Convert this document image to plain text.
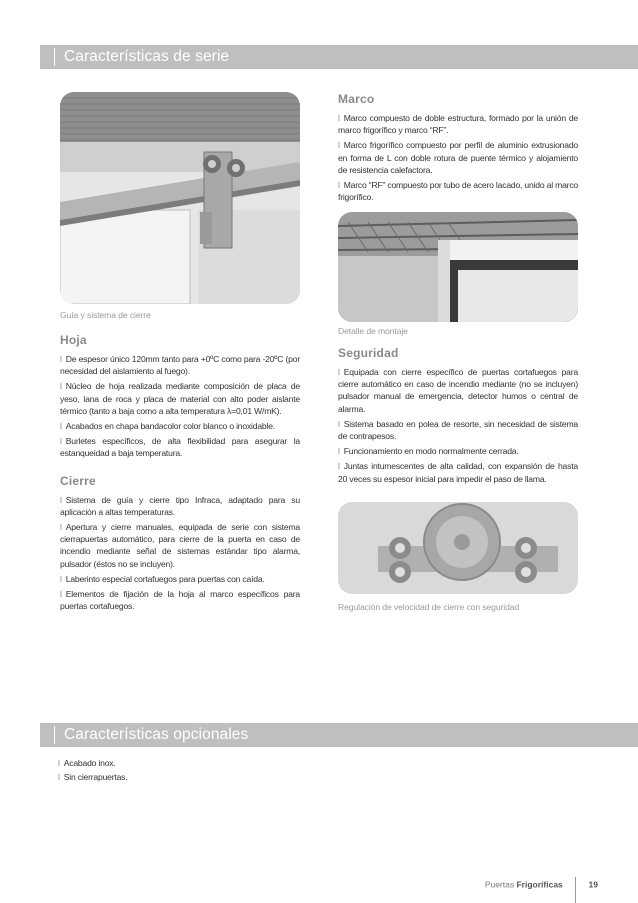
Características de serie
Guía y sistema de cierre
Hoja

l De espesor único 120mm tanto para +0ºC como para -20ºC (por necesidad del aislamiento al fuego).

l Núcleo de hoja realizada mediante composición de placa de yeso, lana de roca y placa de material con alto poder aislante térmico (tanto a baja como a alta temperatura λ=0,01 W/mK).

l Acabados en chapa bandacolor color blanco o inoxidable.

l Burletes específicos, de alta flexibilidad para asegurar la estanqueidad a baja temperatura.

Cierre

l Sistema de guía y cierre tipo Infraca, adaptado para su aplicación a altas temperaturas.

l Apertura y cierre manuales, equipada de serie con sistema cierrapuertas automático, para cierre de la puerta en caso de incendio mediante señal de sistemas estándar tipo alarma, pulsador (éstos no se incluyen).

l Laberinto especial cortafuegos para puertas con caída.

l Elementos de fijación de la hoja al marco específicos para puertas cortafuegos.

Marco

l Marco compuesto de doble estructura, formado por la unión de marco frigorífico y marco “RF”.

l Marco frigorífico compuesto por perfil de aluminio extrusionado en forma de L con doble rotura de puente térmico y alojamiento de resistencia calefactora.

l Marco “RF” compuesto por tubo de acero lacado, unido al marco frigorífico.

Detalle de montaje
Seguridad

l Equipada con cierre específico de puertas cortafuegos para cierre automático en caso de incendio mediante (no se incluyen) pulsador manual de emergencia, detector humos o central de alarma.

l Sistema basado en polea de resorte, sin necesidad de sistema de contrapesos.

l Funcionamiento en modo normalmente cerrada.

l Juntas intumescentes de alta calidad, con expansión de hasta 20 veces su espesor inicial para impedir el paso de llama.

Regulación de velocidad de cierre con seguridad
Características opcionales

l Acabado inox.

l Sin cierrapuertas.

Puertas Frigoríficas	19
